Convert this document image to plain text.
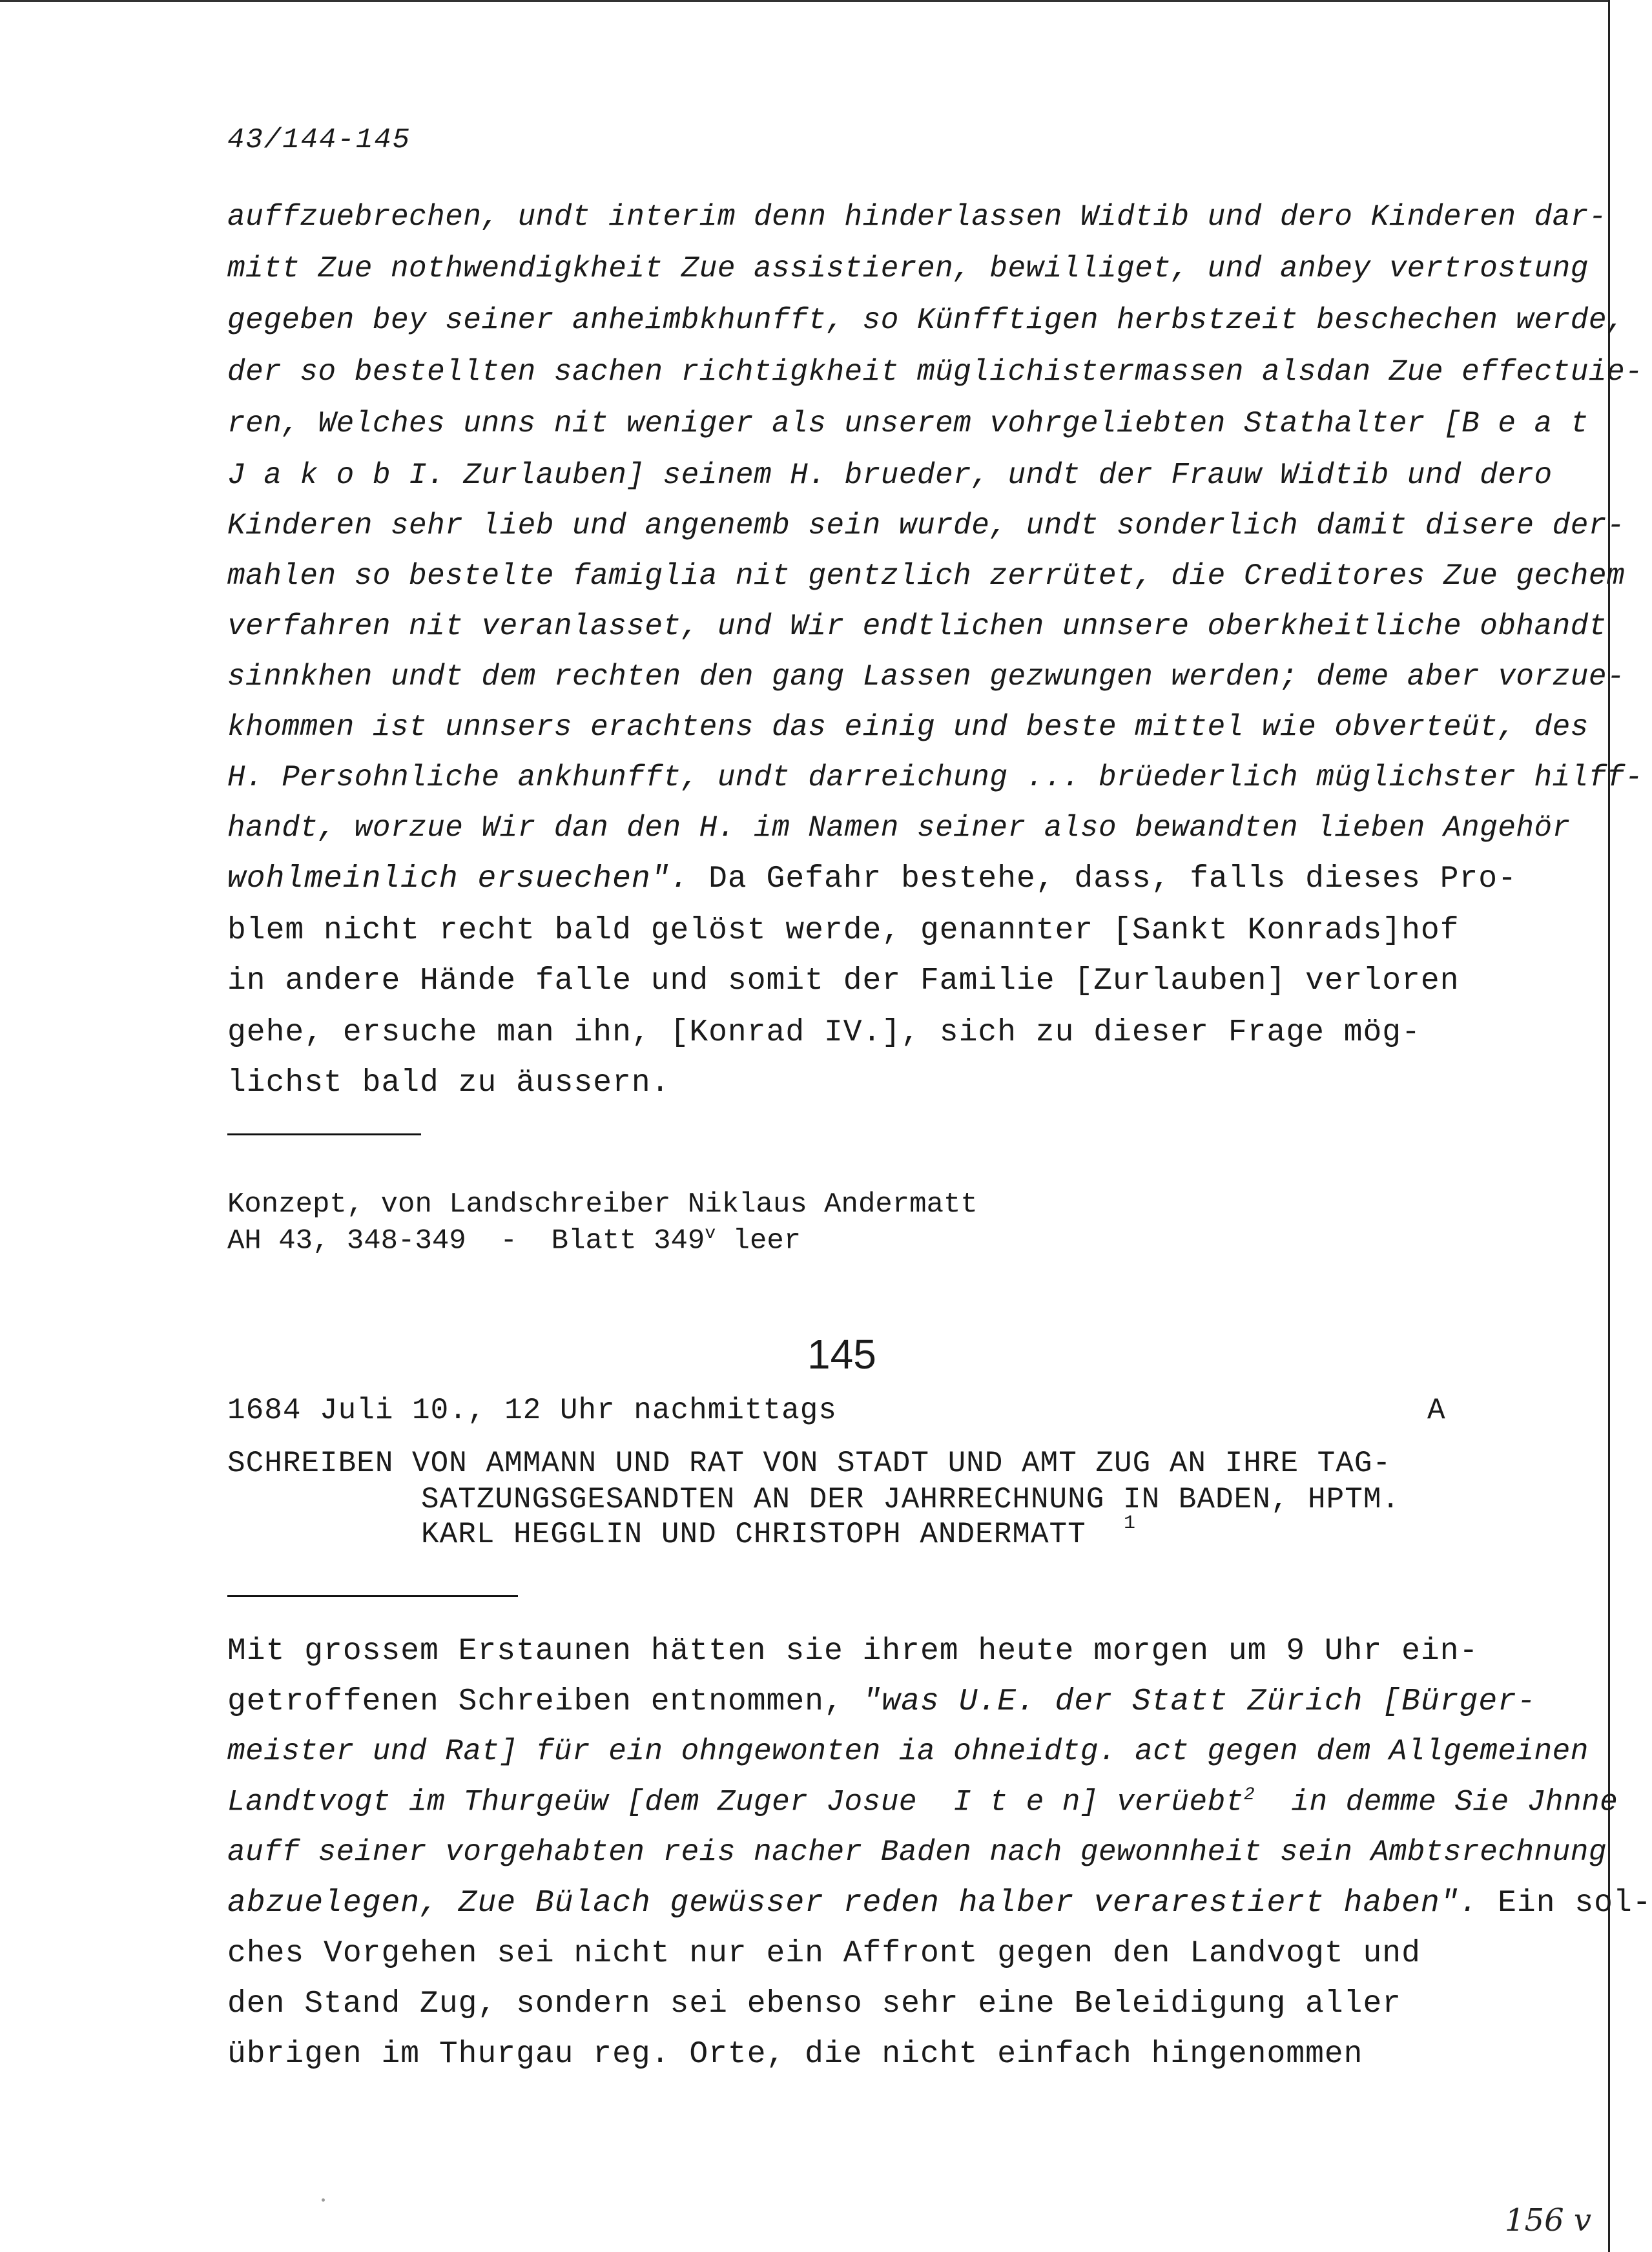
43/144-145
auffzuebrechen, undt interim denn hinderlassen Widtib und dero Kinderen dar-
mitt Zue nothwendigkheit Zue assistieren, bewilliget, und anbey vertrostung
gegeben bey seiner anheimbkhunfft, so Künfftigen herbstzeit beschechen werde,
der so bestellten sachen richtigkheit müglichistermassen alsdan Zue effectuie-
ren, Welches unns nit weniger als unserem vohrgeliebten Stathalter [B e a t
J a k o b I. Zurlauben] seinem H. brueder, undt der Frauw Widtib und dero
Kinderen sehr lieb und angenemb sein wurde, undt sonderlich damit disere der-
mahlen so bestelte famiglia nit gentzlich zerrütet, die Creditores Zue gechem
verfahren nit veranlasset, und Wir endtlichen unnsere oberkheitliche obhandt
sinnkhen undt dem rechten den gang Lassen gezwungen werden; deme aber vorzue-
khommen ist unnsers erachtens das einig und beste mittel wie obverteüt, des
H. Persohnliche ankhunfft, undt darreichung ... brüederlich müglichster hilff-
handt, worzue Wir dan den H. im Namen seiner also bewandten lieben Angehör
wohlmeinlich ersuechen". Da Gefahr bestehe, dass, falls dieses Pro-
blem nicht recht bald gelöst werde, genannter [Sankt Konrads]hof
in andere Hände falle und somit der Familie [Zurlauben] verloren
gehe, ersuche man ihn, [Konrad IV.], sich zu dieser Frage mög-
lichst bald zu äussern.
Konzept, von Landschreiber Niklaus Andermatt
AH 43, 348-349  -  Blatt 349$^v$ leer
145
1684 Juli 10., 12 Uhr nachmittags	A
SCHREIBEN VON AMMANN UND RAT VON STADT UND AMT ZUG AN IHRE TAG-
SATZUNGSGESANDTEN AN DER JAHRRECHNUNG IN BADEN, HPTM.
KARL HEGGLIN UND CHRISTOPH ANDERMATT 1
Mit grossem Erstaunen hätten sie ihrem heute morgen um 9 Uhr ein-
getroffenen Schreiben entnommen, "was U.E. der Statt Zürich [Bürger-
meister und Rat] für ein ohngewonten ia ohneidtg. act gegen dem Allgemeinen
Landtvogt im Thurgeüw [dem Zuger Josue  I t e n] verüebt$^2$  in demme Sie Jhnne
auff seiner vorgehabten reis nacher Baden nach gewonnheit sein Ambtsrechnung
abzuelegen, Zue Bülach gewüsser reden halber verarestiert haben". Ein sol-
ches Vorgehen sei nicht nur ein Affront gegen den Landvogt und
den Stand Zug, sondern sei ebenso sehr eine Beleidigung aller
übrigen im Thurgau reg. Orte, die nicht einfach hingenommen
156 v
